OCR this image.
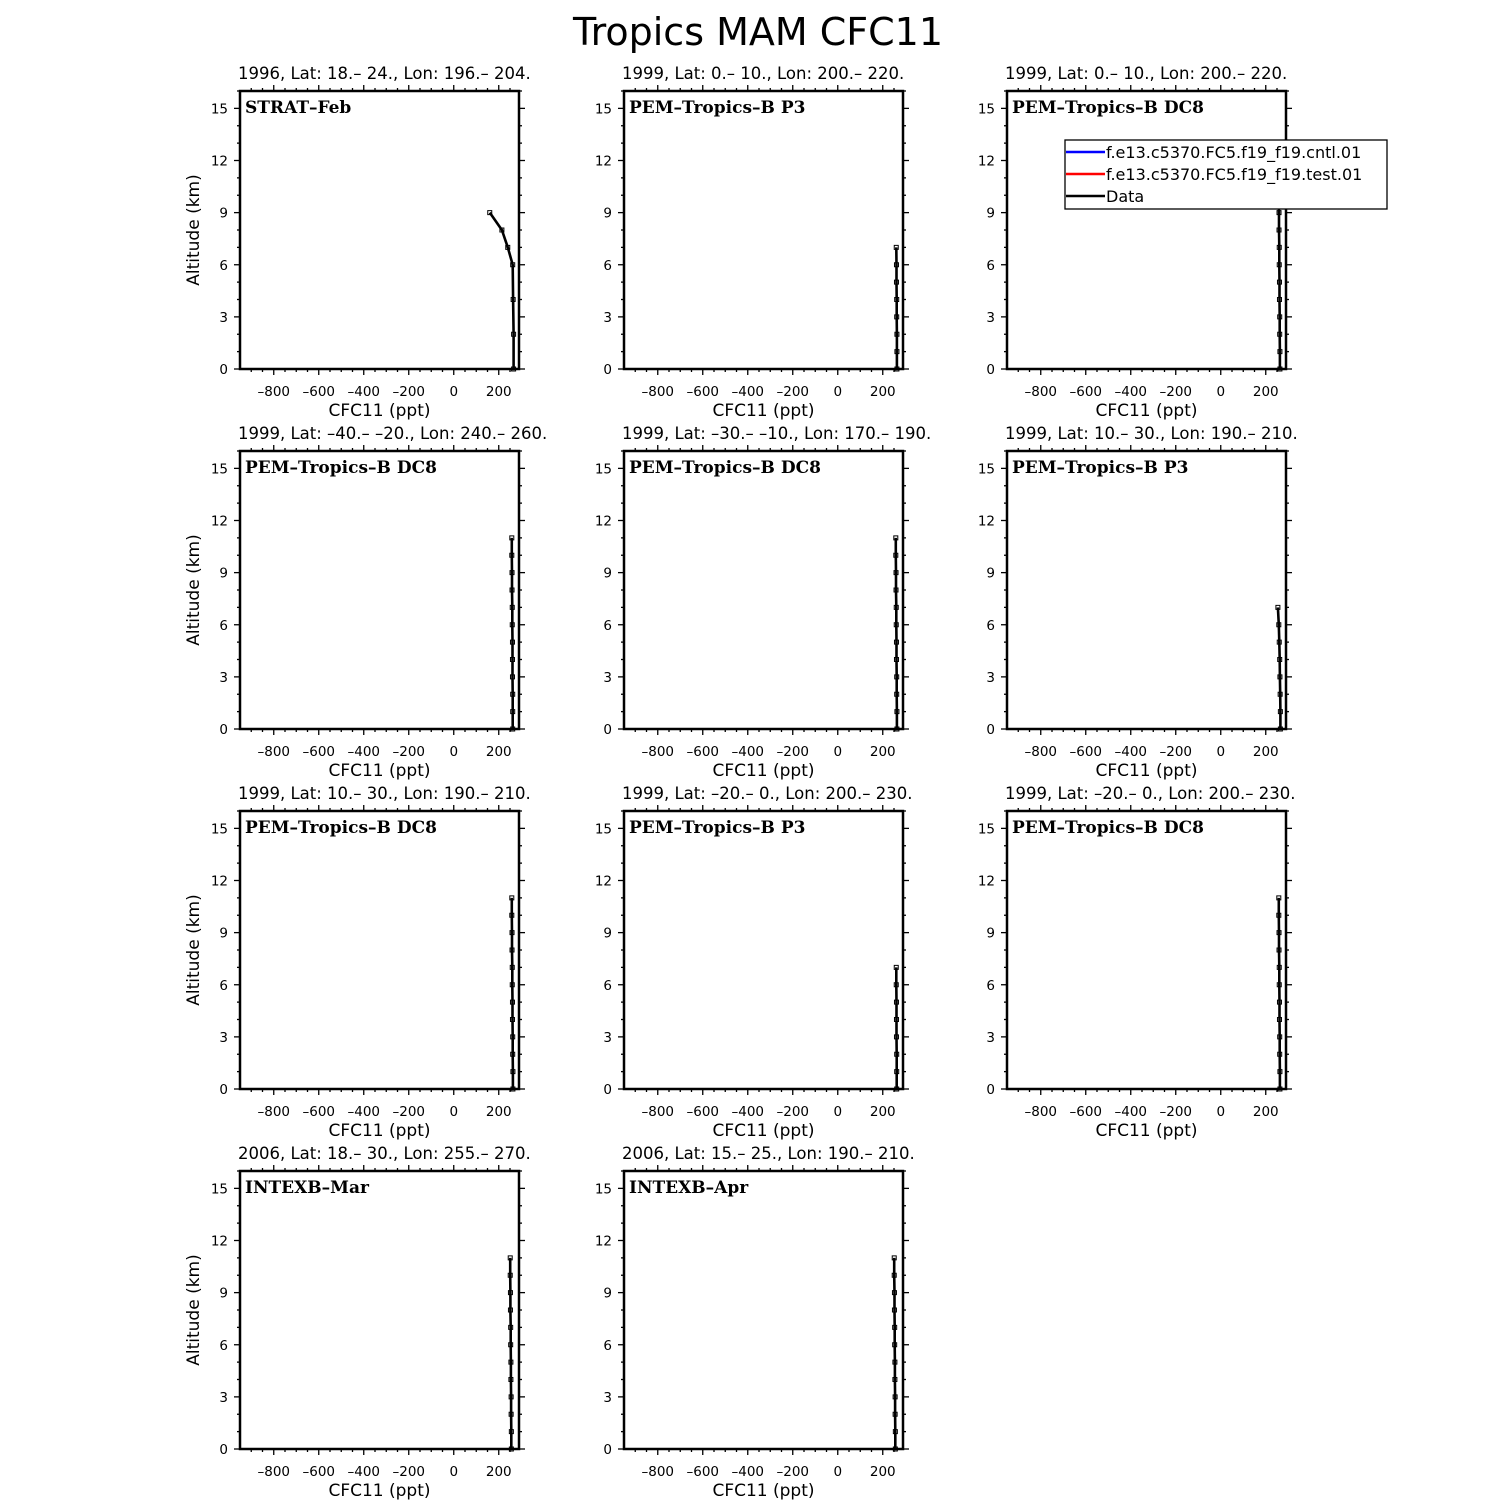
Tropics MAM CFC11
0
3
6
9
12
15
–800 –600 –400 –200 0 200
CFC11 (ppt)
Altitude (km)
1996, Lat: 18.– 24., Lon: 196.– 204.
STRAT–Feb
0
3
6
9
12
15
–800 –600 –400 –200 0 200
CFC11 (ppt)
1999, Lat: 0.– 10., Lon: 200.– 220.
PEM–Tropics–B P3
0
3
6
9
12
15
–800 –600 –400 –200 0 200
CFC11 (ppt)
1999, Lat: 0.– 10., Lon: 200.– 220.
PEM–Tropics–B DC8
0
3
6
9
12
15
–800 –600 –400 –200 0 200
CFC11 (ppt)
Altitude (km)
1999, Lat: –40.– –20., Lon: 240.– 260.
PEM–Tropics–B DC8
0
3
6
9
12
15
–800 –600 –400 –200 0 200
CFC11 (ppt)
1999, Lat: –30.– –10., Lon: 170.– 190.
PEM–Tropics–B DC8
0
3
6
9
12
15
–800 –600 –400 –200 0 200
CFC11 (ppt)
1999, Lat: 10.– 30., Lon: 190.– 210.
PEM–Tropics–B P3
0
3
6
9
12
15
–800 –600 –400 –200 0 200
CFC11 (ppt)
Altitude (km)
1999, Lat: 10.– 30., Lon: 190.– 210.
PEM–Tropics–B DC8
0
3
6
9
12
15
–800 –600 –400 –200 0 200
CFC11 (ppt)
1999, Lat: –20.– 0., Lon: 200.– 230.
PEM–Tropics–B P3
0
3
6
9
12
15
–800 –600 –400 –200 0 200
CFC11 (ppt)
1999, Lat: –20.– 0., Lon: 200.– 230.
PEM–Tropics–B DC8
0
3
6
9
12
15
–800 –600 –400 –200 0 200
CFC11 (ppt)
Altitude (km)
2006, Lat: 18.– 30., Lon: 255.– 270.
INTEXB–Mar
0
3
6
9
12
15
–800 –600 –400 –200 0 200
CFC11 (ppt)
2006, Lat: 15.– 25., Lon: 190.– 210.
INTEXB–Apr
f.e13.c5370.FC5.f19_f19.cntl.01
f.e13.c5370.FC5.f19_f19.test.01
Data
